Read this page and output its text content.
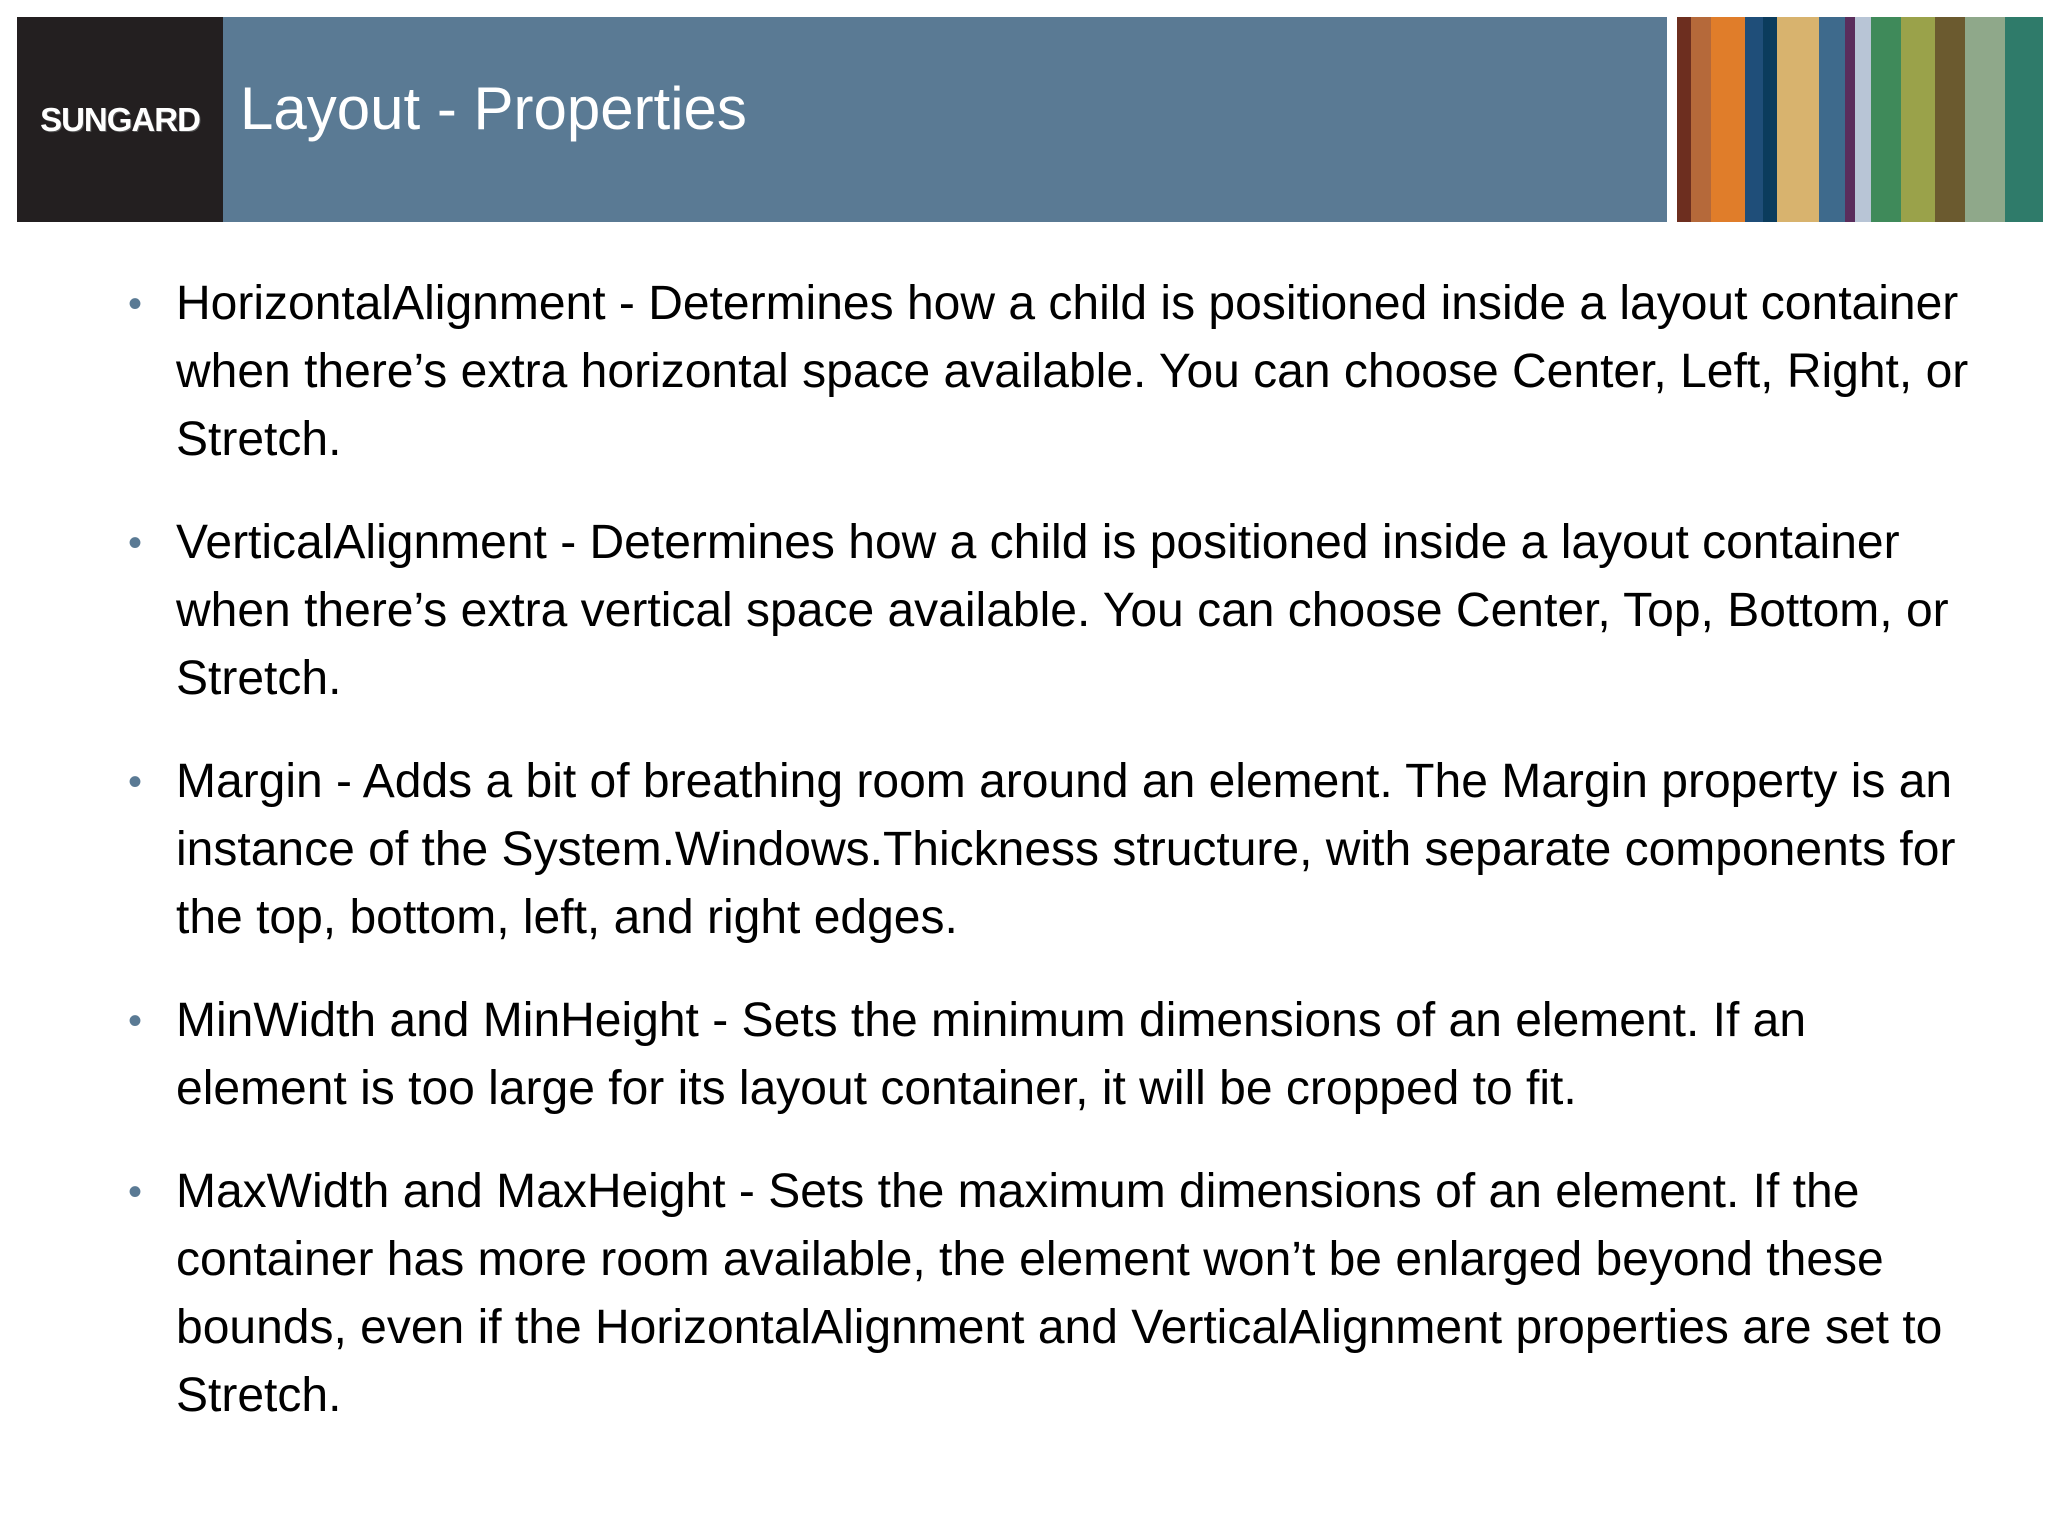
SUNGARD Layout - Properties
• HorizontalAlignment - Determines how a child is positioned inside a layout container when there’s extra horizontal space available. You can choose Center, Left, Right, or Stretch.
• VerticalAlignment - Determines how a child is positioned inside a layout container when there’s extra vertical space available. You can choose Center, Top, Bottom, or Stretch.
• Margin - Adds a bit of breathing room around an element. The Margin property is an instance of the System.Windows.Thickness structure, with separate components for the top, bottom, left, and right edges.
• MinWidth and MinHeight - Sets the minimum dimensions of an element. If an element is too large for its layout container, it will be cropped to fit.
• MaxWidth and MaxHeight - Sets the maximum dimensions of an element. If the container has more room available, the element won’t be enlarged beyond these bounds, even if the HorizontalAlignment and VerticalAlignment properties are set to Stretch.
